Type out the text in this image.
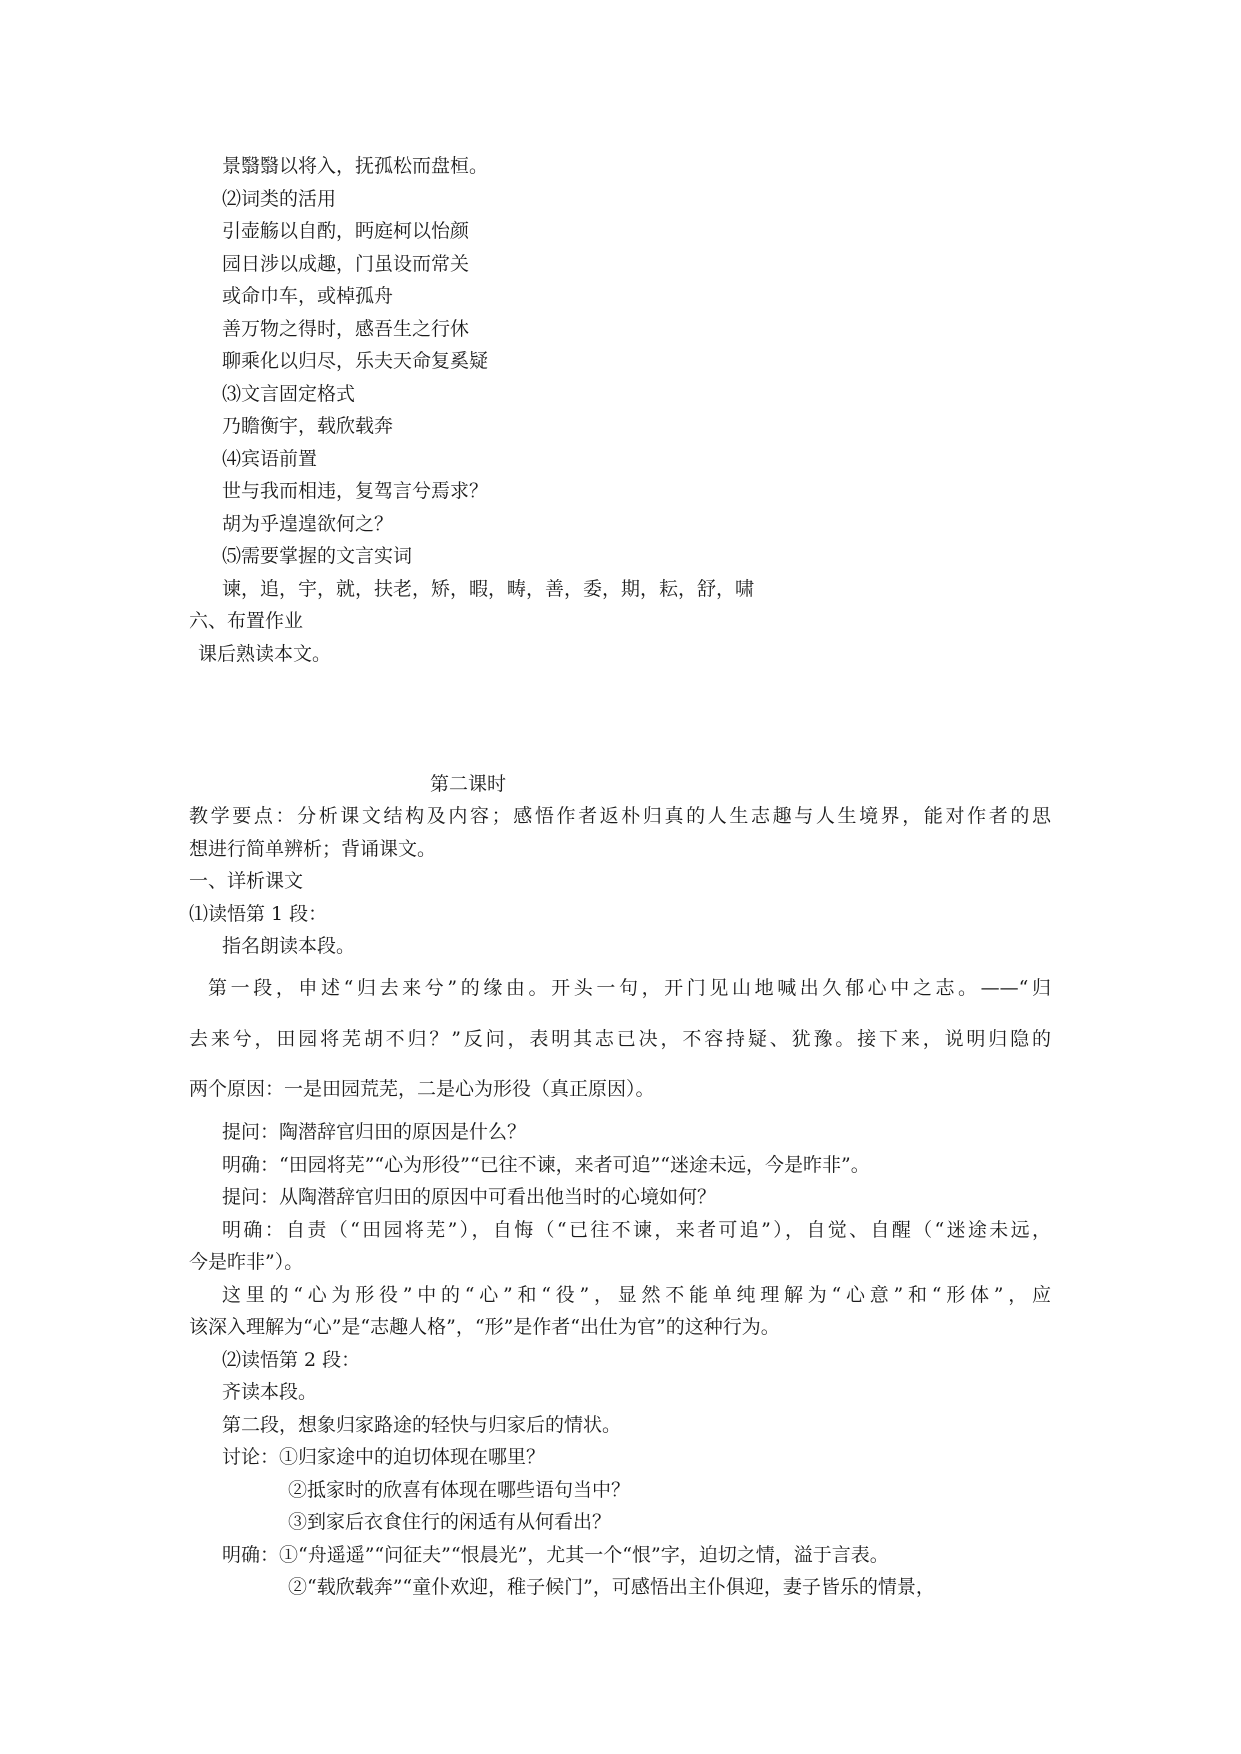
景翳翳以将入，抚孤松而盘桓。
⑵词类的活用
引壶觞以自酌，眄庭柯以怡颜
园日涉以成趣，门虽设而常关
或命巾车，或棹孤舟
善万物之得时，感吾生之行休
聊乘化以归尽，乐夫天命复奚疑
⑶文言固定格式
乃瞻衡宇，载欣载奔
⑷宾语前置
世与我而相违，复驾言兮焉求？
胡为乎遑遑欲何之？
⑸需要掌握的文言实词
谏，追，宇，就，扶老，矫，暇，畴，善，委，期，耘，舒，啸
六、布置作业
课后熟读本文。
第二课时
教学要点：分析课文结构及内容；感悟作者返朴归真的人生志趣与人生境界，能对作者的思
想进行简单辨析；背诵课文。
一、详析课文
⑴读悟第 1 段：
指名朗读本段。
第一段，申述“归去来兮”的缘由。开头一句，开门见山地喊出久郁心中之志。——“归
去来兮，田园将芜胡不归？”反问，表明其志已决，不容持疑、犹豫。接下来，说明归隐的
两个原因：一是田园荒芜，二是心为形役（真正原因）。
提问：陶潜辞官归田的原因是什么？
明确：“田园将芜”“心为形役”“已往不谏，来者可追”“迷途未远，今是昨非”。
提问：从陶潜辞官归田的原因中可看出他当时的心境如何？
明确：自责（“田园将芜”），自悔（“已往不谏，来者可追”），自觉、自醒（“迷途未远，
今是昨非”）。
这里的“心为形役”中的“心”和“役”，显然不能单纯理解为“心意”和“形体”，应
该深入理解为“心”是“志趣人格”，“形”是作者“出仕为官”的这种行为。
⑵读悟第 2 段：
齐读本段。
第二段，想象归家路途的轻快与归家后的情状。
讨论：①归家途中的迫切体现在哪里？
②抵家时的欣喜有体现在哪些语句当中？
③到家后衣食住行的闲适有从何看出？
明确：①“舟遥遥”“问征夫”“恨晨光”，尤其一个“恨”字，迫切之情，溢于言表。
②“载欣载奔”“童仆欢迎，稚子候门”，可感悟出主仆俱迎，妻子皆乐的情景，
